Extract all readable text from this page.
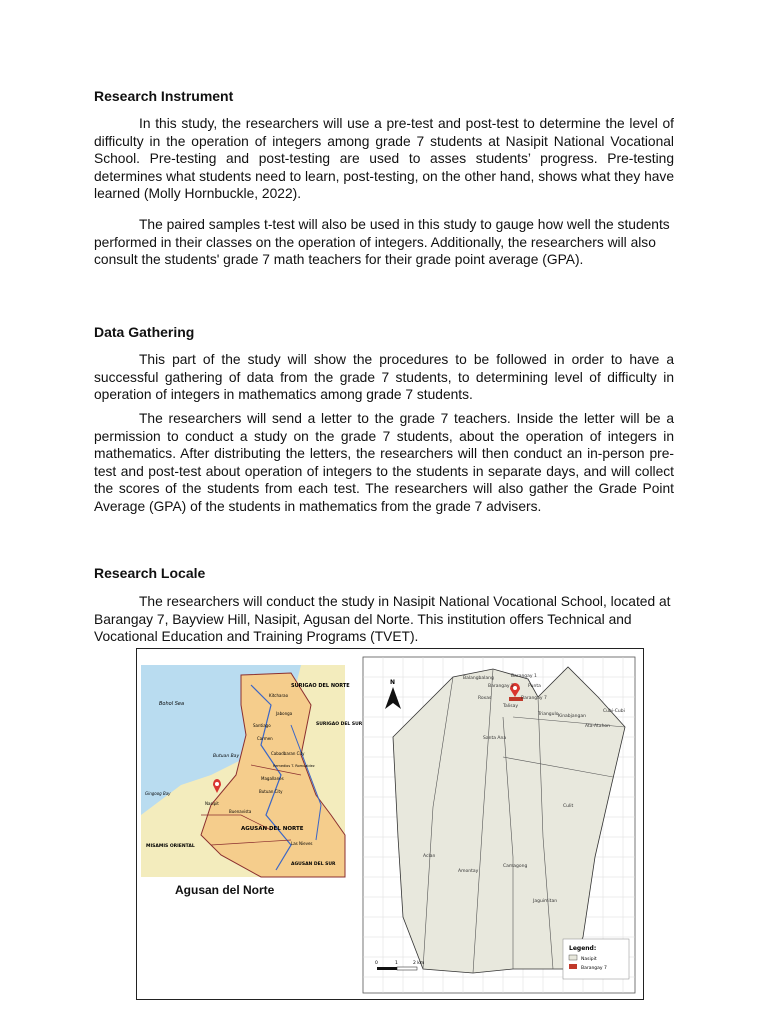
Research Instrument
In this study, the researchers will use a pre-test and post-test to determine the level of difficulty in the operation of integers among grade 7 students at Nasipit National Vocational School. Pre-testing and post-testing are used to asses students’ progress. Pre-testing determines what students need to learn, post-testing, on the other hand, shows what they have learned (Molly Hornbuckle, 2022).
The paired samples t-test will also be used in this study to gauge how well the students performed in their classes on the operation of integers. Additionally, the researchers will also consult the students' grade 7 math teachers for their grade point average (GPA).
Data Gathering
This part of the study will show the procedures to be followed in order to have a successful gathering of data from the grade 7 students, to determining level of difficulty in operation of integers in mathematics among grade 7 students.
The researchers will send a letter to the grade 7 teachers. Inside the letter will be a permission to conduct a study on the grade 7 students, about the operation of integers in mathematics. After distributing the letters, the researchers will then conduct an in-person pre-test and post-test about operation of integers to the students in separate days, and will collect the scores of the students from each test. The researchers will also gather the Grade Point Average (GPA) of the students in mathematics from the grade 7 advisers.
Research Locale
The researchers will conduct the study in Nasipit National Vocational School, located at Barangay 7, Bayview Hill, Nasipit, Agusan del Norte. This institution offers Technical and Vocational Education and Training Programs (TVET).
SURIGAO DEL NORTE
SURIGAO DEL SUR
Butuan Bay
Bohol Sea
AGUSAN DEL NORTE
MISAMIS ORIENTAL
AGUSAN DEL SUR
Nasipit
Buenavista
Cabadbaran City
Jabonga
Santiago
Kitcharao
Las Nieves
Gingoog Bay
Magallanes
Carmen
Remedios T. Romualdez
Butuan City
Agusan del Norte
Barangay 7
Santa Ana
Camagong
Aclan
Amontay
Culit
Jaguimitan
Kinabjangan
Talisay
Punta
Ata-Atahon
Cubi-Cubi
Triangulo
Roxas
Balangbalang	Barangay 1
Barangay 2
N
0	1	2 km
Legend:
Nasipit
Barangay 7
